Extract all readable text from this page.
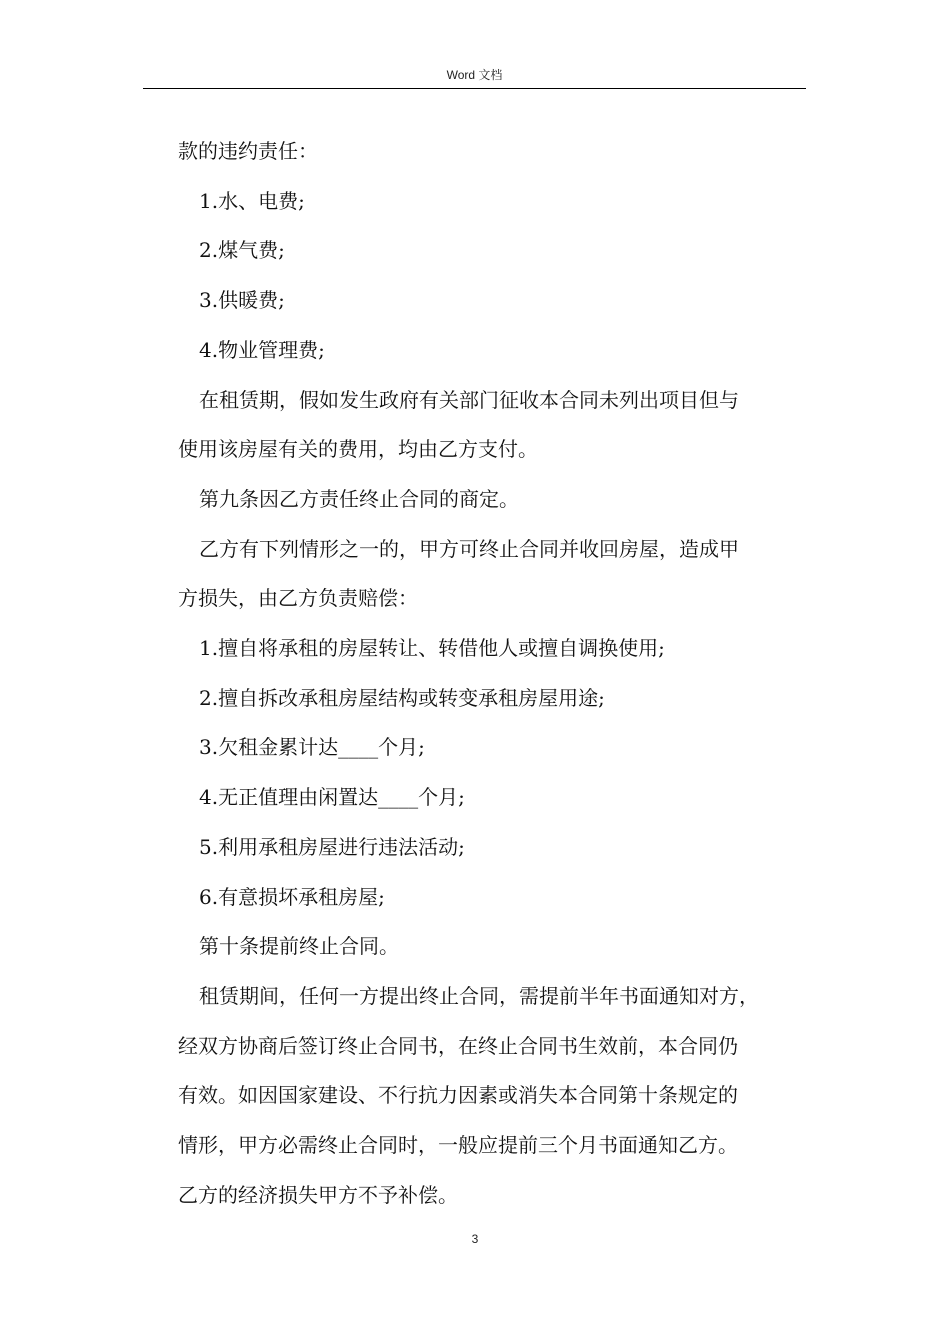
Word 文档

款的违约责任：

1.水、电费;

2.煤气费;

3.供暖费;

4.物业管理费;

在租赁期，假如发生政府有关部门征收本合同未列出项目但与

使用该房屋有关的费用，均由乙方支付。

第九条因乙方责任终止合同的商定。

乙方有下列情形之一的，甲方可终止合同并收回房屋，造成甲

方损失，由乙方负责赔偿：

1.擅自将承租的房屋转让、转借他人或擅自调换使用;

2.擅自拆改承租房屋结构或转变承租房屋用途;

3.欠租金累计达____个月;

4.无正值理由闲置达____个月;

5.利用承租房屋进行违法活动;

6.有意损坏承租房屋;

第十条提前终止合同。

租赁期间，任何一方提出终止合同，需提前半年书面通知对方，

经双方协商后签订终止合同书，在终止合同书生效前，本合同仍

有效。如因国家建设、不行抗力因素或消失本合同第十条规定的

情形，甲方必需终止合同时，一般应提前三个月书面通知乙方。

乙方的经济损失甲方不予补偿。

3
